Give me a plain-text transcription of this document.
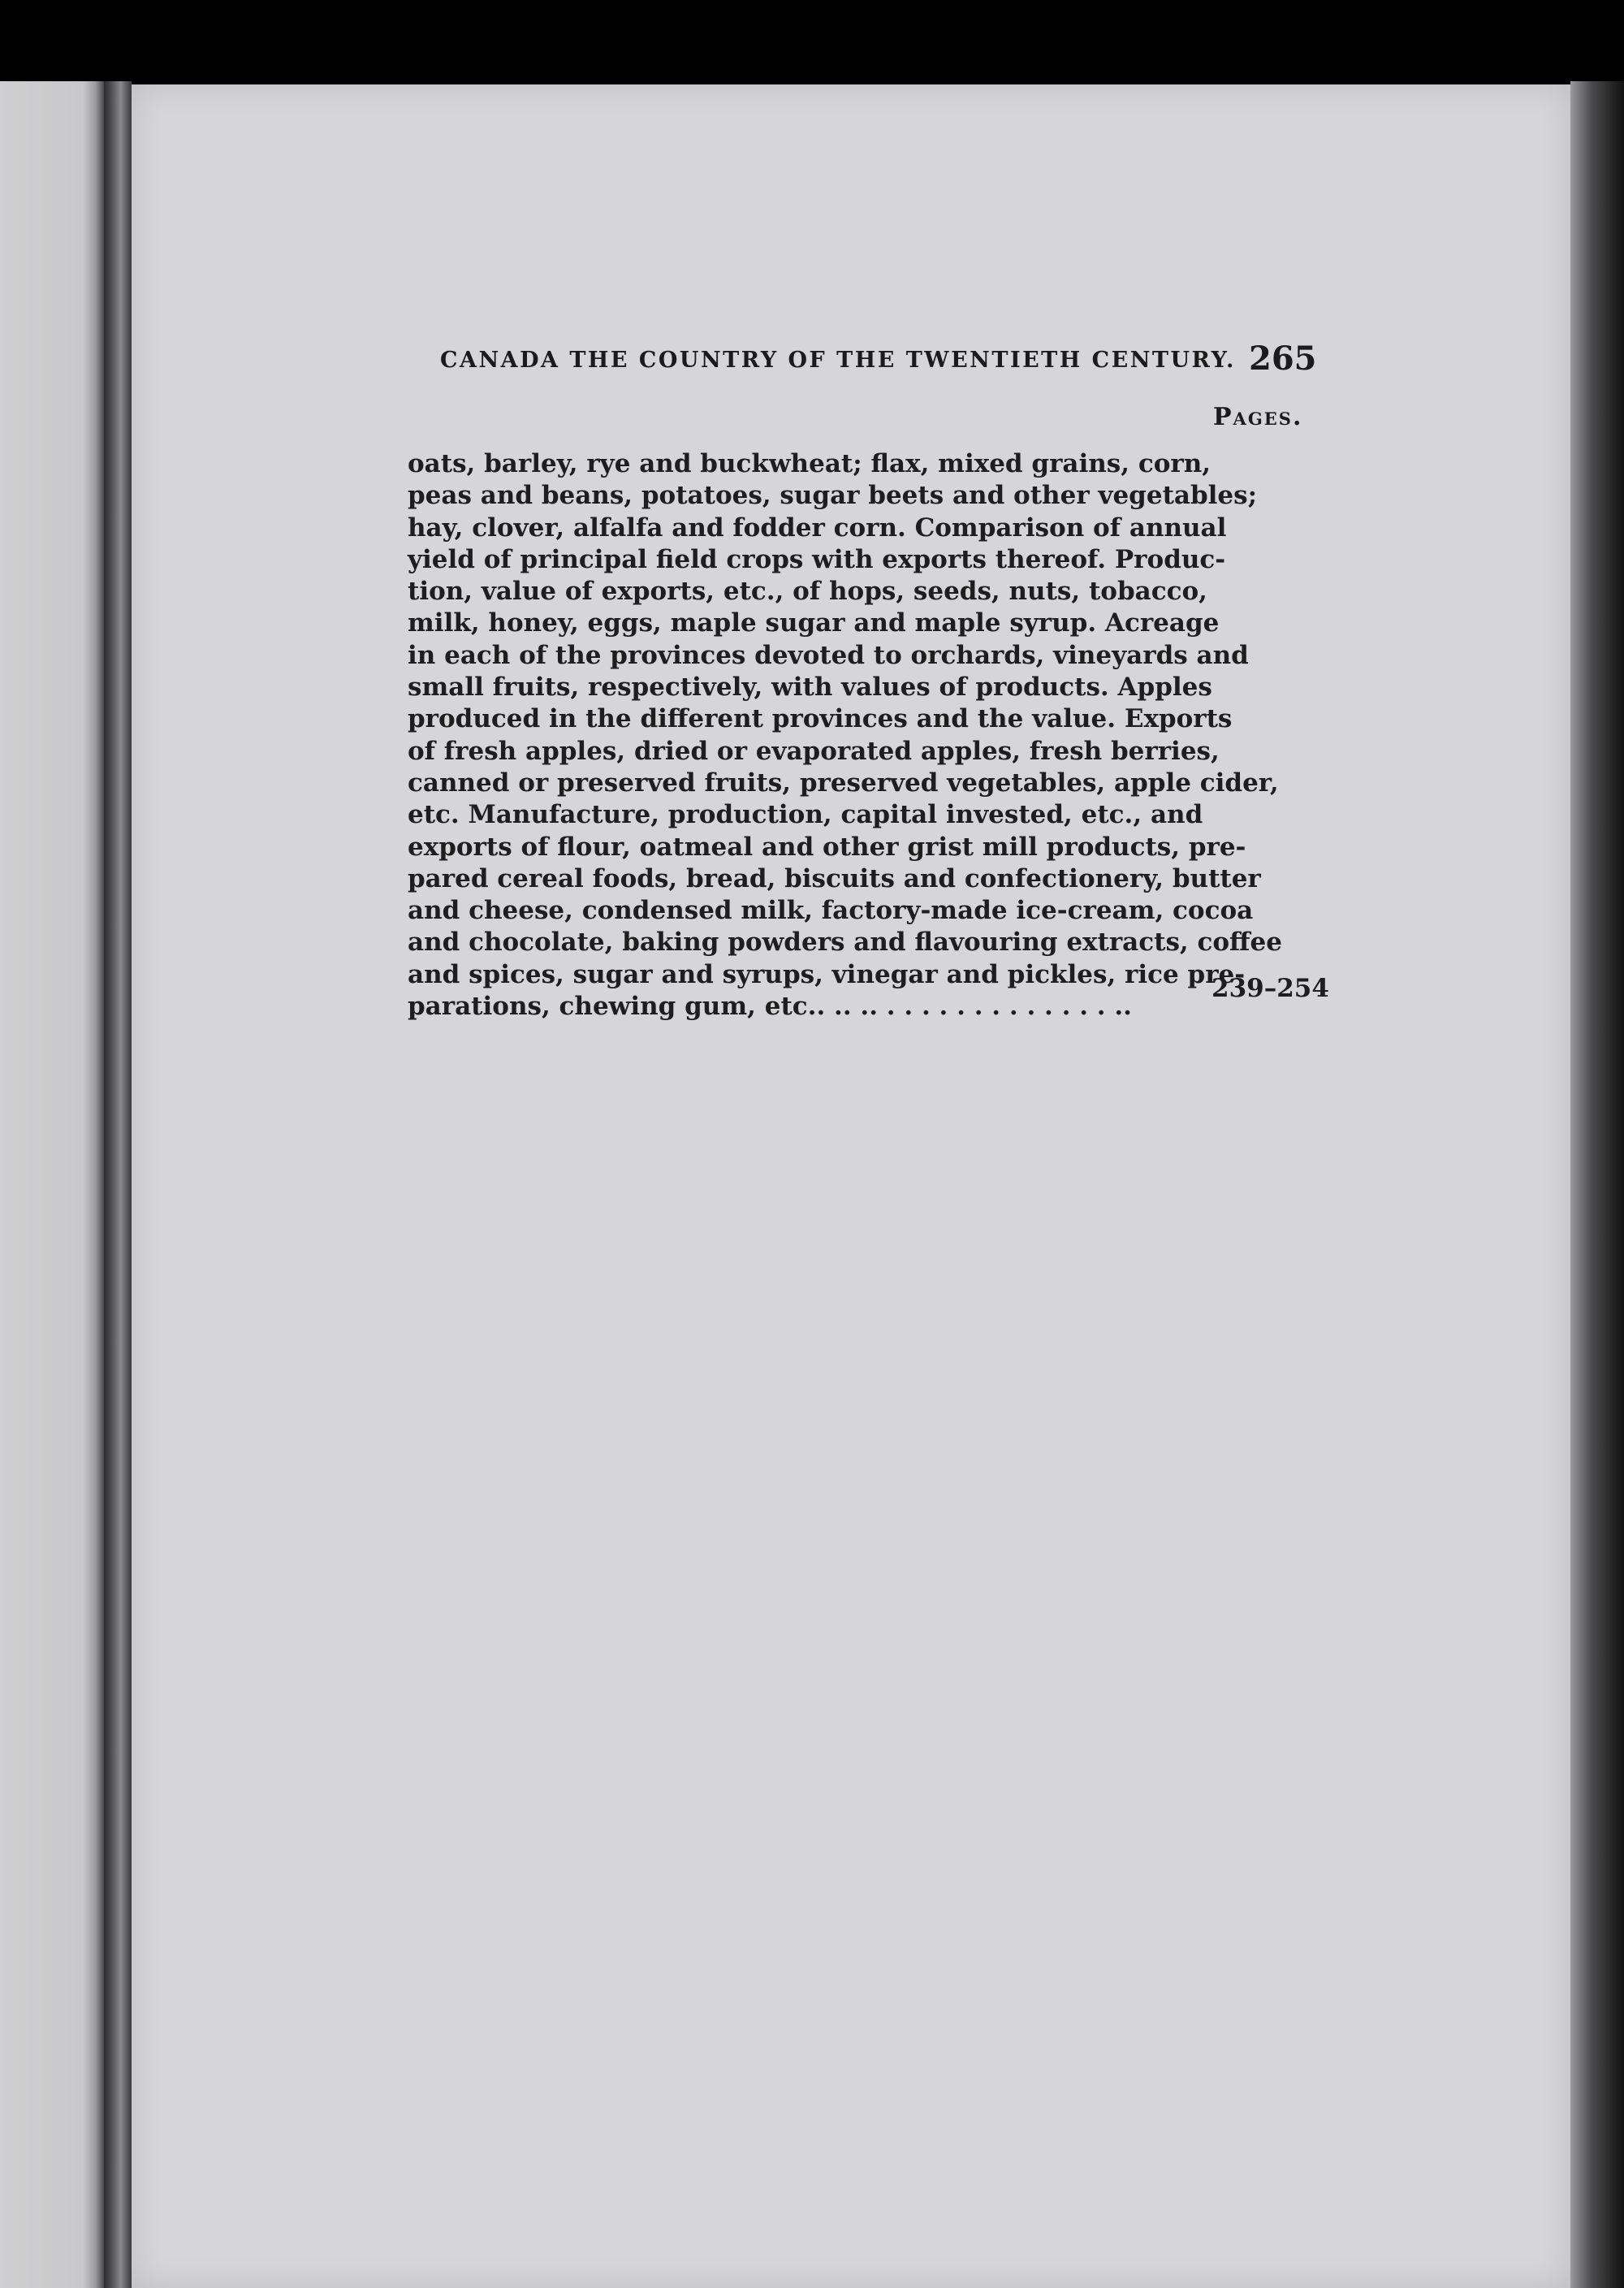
CANADA THE COUNTRY OF THE TWENTIETH CENTURY. 265
Pages.

oats, barley, rye and buckwheat; flax, mixed grains, corn,
peas and beans, potatoes, sugar beets and other vegetables;
hay, clover, alfalfa and fodder corn. Comparison of annual
yield of principal field crops with exports thereof. Produc-
tion, value of exports, etc., of hops, seeds, nuts, tobacco,
milk, honey, eggs, maple sugar and maple syrup. Acreage
in each of the provinces devoted to orchards, vineyards and
small fruits, respectively, with values of products. Apples
produced in the different provinces and the value. Exports
of fresh apples, dried or evaporated apples, fresh berries,
canned or preserved fruits, preserved vegetables, apple cider,
etc. Manufacture, production, capital invested, etc., and
exports of flour, oatmeal and other grist mill products, pre-
pared cereal foods, bread, biscuits and confectionery, butter
and cheese, condensed milk, factory-made ice-cream, cocoa
and chocolate, baking powders and flavouring extracts, coffee
and spices, sugar and syrups, vinegar and pickles, rice pre-
parations, chewing gum, etc.. .. .. . . . . . . . . . . . . . ..

239–254
